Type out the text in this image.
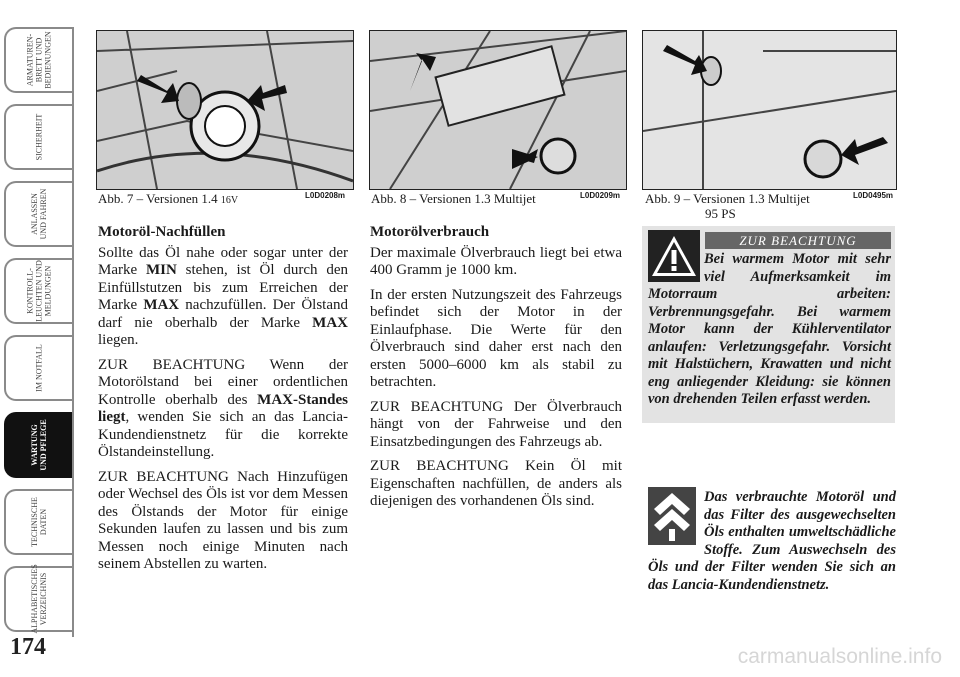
ARMATUREN-
BRETT UND
BEDIENUNGEN
SICHERHEIT
ANLASSEN
UND FAHREN
KONTROLL-
LEUCHTEN UND
MELDUNGEN
IM NOTFALL
WARTUNG
UND PFLEGE
TECHNISCHE
DATEN
ALPHABETISCHES
VERZEICHNIS
174	carmanualsonline.info
Abb. 7 – Versionen 1.4 16V	L0D0208m Abb. 8 – Versionen 1.3 Multijet	L0D0209m Abb. 9 – Versionen 1.3 Multijet
95 PS
L0D0495m
Motoröl-Nachfüllen

Sollte das Öl nahe oder sogar unter der Marke MIN stehen, ist Öl durch den Einfüllstutzen bis zum Erreichen der Marke MAX nachzufüllen. Der Ölstand darf nie oberhalb der Marke MAX liegen.

ZUR BEACHTUNG Wenn der Motorölstand bei einer ordentlichen Kontrolle oberhalb des MAX-Standes liegt, wenden Sie sich an das Lancia-Kundendienstnetz für die korrekte Ölstandeinstellung.

ZUR BEACHTUNG Nach Hinzufügen oder Wechsel des Öls ist vor dem Messen des Ölstands der Motor für einige Sekunden laufen zu lassen und bis zum Messen noch einige Minuten nach seinem Abstellen zu warten.

Motorölverbrauch

Der maximale Ölverbrauch liegt bei etwa 400 Gramm je 1000 km.

In der ersten Nutzungszeit des Fahrzeugs befindet sich der Motor in der Einlaufphase. Die Werte für den Ölverbrauch sind daher erst nach den ersten 5000–6000 km als stabil zu betrachten.

ZUR BEACHTUNG Der Ölverbrauch hängt von der Fahrweise und den Einsatzbedingungen des Fahrzeugs ab.

ZUR BEACHTUNG Kein Öl mit Eigenschaften nachfüllen, de anders als diejenigen des vorhandenen Öls sind.

ZUR BEACHTUNG
Bei warmem Motor mit sehr viel Aufmerksamkeit im Motorraum arbeiten: Verbrennungsgefahr. Bei warmem Motor kann der Kühlerventilator anlaufen: Verletzungsgefahr. Vorsicht mit Halstüchern, Krawatten und nicht eng anliegender Kleidung: sie können von drehenden Teilen erfasst werden.
Das verbrauchte Motoröl und das Filter des ausgewechselten Öls enthalten umweltschädliche Stoffe. Zum Auswechseln des Öls und der Filter wenden Sie sich an das Lancia-Kundendienstnetz.
